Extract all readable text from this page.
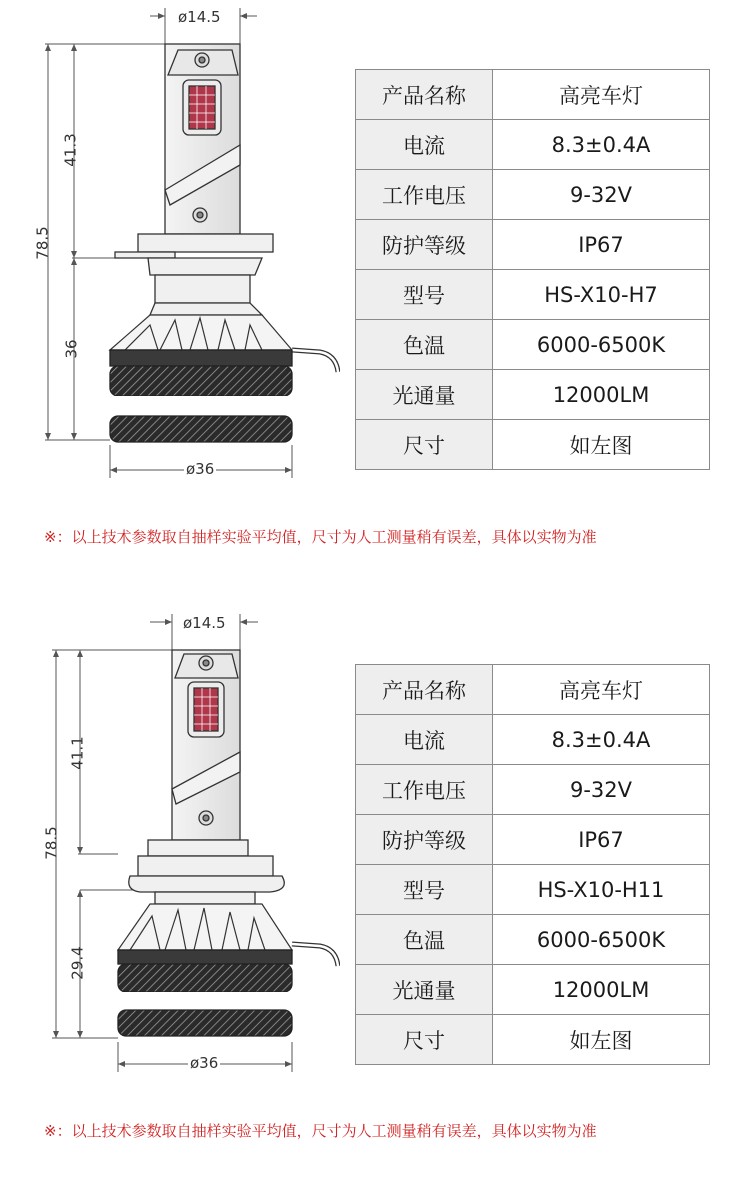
ø14.5
78.5
41.3
36
ø36
产品名称	高亮车灯
电流	8.3±0.4A
工作电压	9-32V
防护等级	IP67
型号	HS-X10-H7
色温	6000-6500K
光通量	12000LM
尺寸	如左图
※：以上技术参数取自抽样实验平均值，尺寸为人工测量稍有误差，具体以实物为准
ø14.5
78.5
41.1
29.4
ø36
产品名称	高亮车灯
电流	8.3±0.4A
工作电压	9-32V
防护等级	IP67
型号	HS-X10-H11
色温	6000-6500K
光通量	12000LM
尺寸	如左图
※：以上技术参数取自抽样实验平均值，尺寸为人工测量稍有误差，具体以实物为准
